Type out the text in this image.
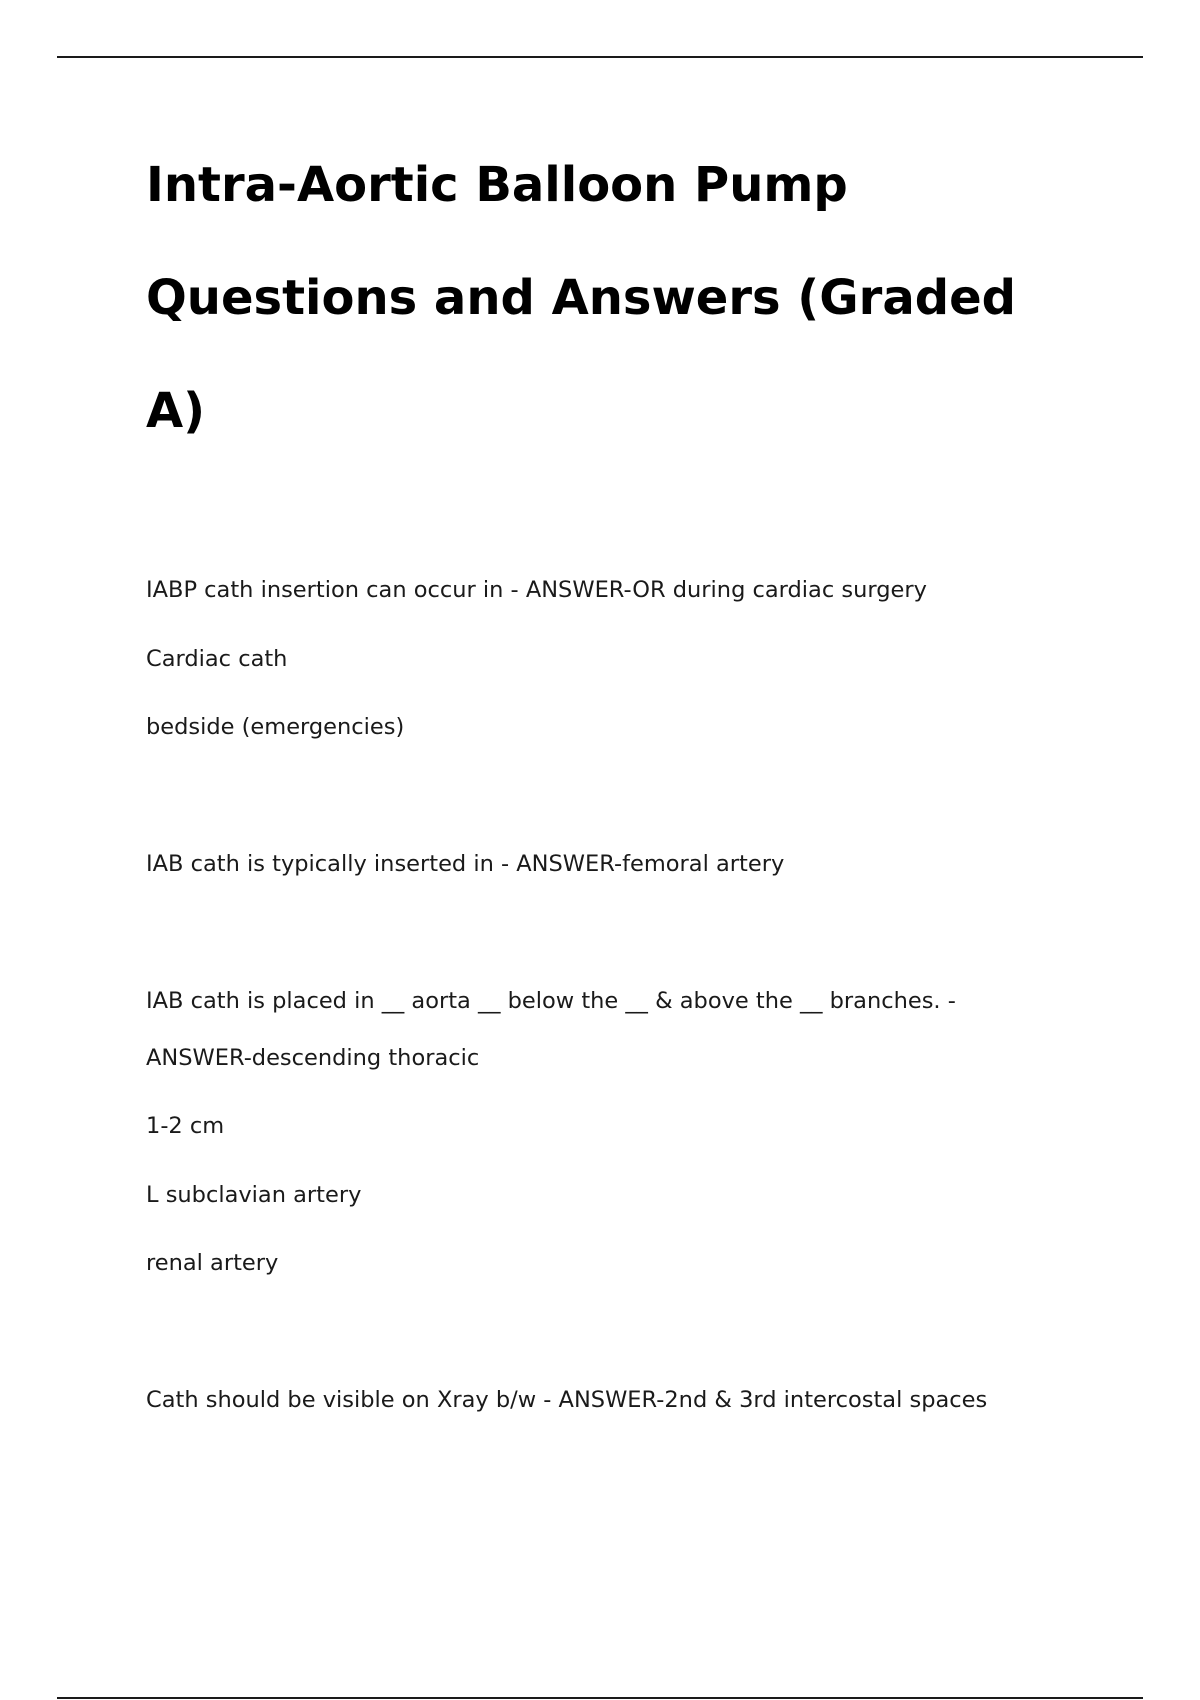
Intra-Aortic Balloon Pump
Questions and Answers (Graded
A)

IABP cath insertion can occur in - ANSWER-OR during cardiac surgery

Cardiac cath

bedside (emergencies)

IAB cath is typically inserted in - ANSWER-femoral artery

IAB cath is placed in __ aorta __ below the __ & above the __ branches. -

ANSWER-descending thoracic

1-2 cm

L subclavian artery

renal artery

Cath should be visible on Xray b/w - ANSWER-2nd & 3rd intercostal spaces
